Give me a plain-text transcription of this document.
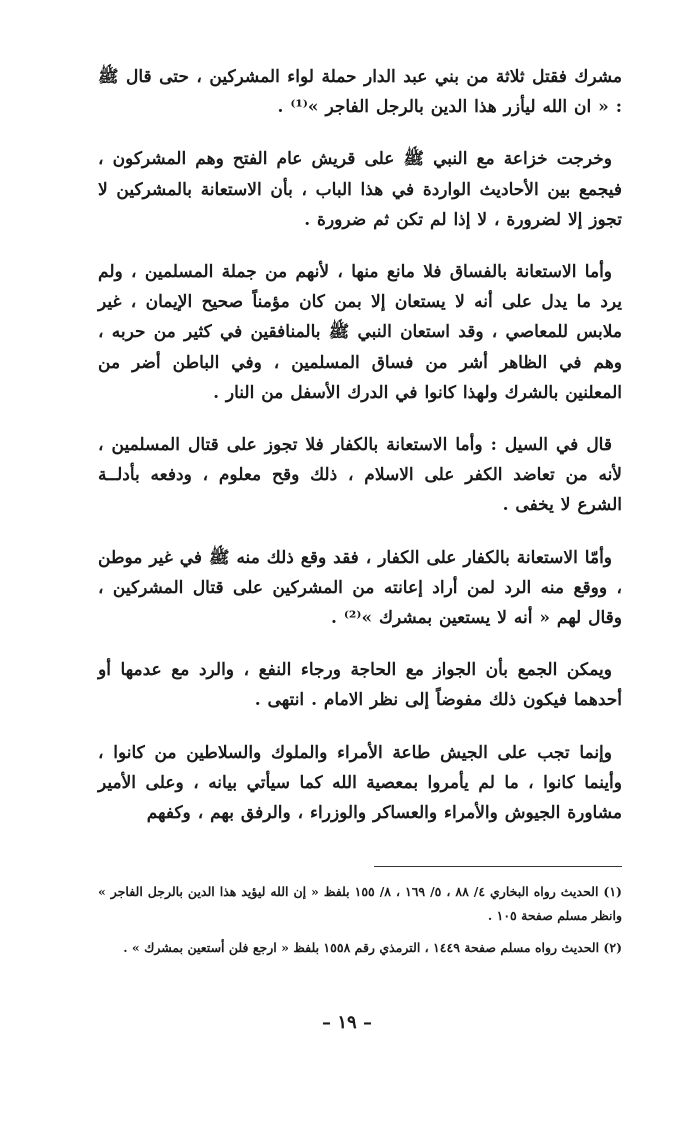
مشرك فقتل ثلاثة من بني عبد الدار حملة لواء المشركين ، حتى قال ﷺ : « ان الله ليأزر هذا الدين بالرجل الفاجر »⁽¹⁾ .

وخرجت خزاعة مع النبي ﷺ على قريش عام الفتح وهم المشركون ، فيجمع بين الأحاديث الواردة في هذا الباب ، بأن الاستعانة بالمشركين لا تجوز إلا لضرورة ، لا إذا لم تكن ثم ضرورة .

وأما الاستعانة بالفساق فلا مانع منها ، لأنهم من جملة المسلمين ، ولم يرد ما يدل على أنه لا يستعان إلا بمن كان مؤمناً صحيح الإيمان ، غير ملابس للمعاصي ، وقد استعان النبي ﷺ بالمنافقين في كثير من حربه ، وهم في الظاهر أشر من فساق المسلمين ، وفي الباطن أضر من المعلنين بالشرك ولهذا كانوا في الدرك الأسفل من النار .

قال في السيل : وأما الاستعانة بالكفار فلا تجوز على قتال المسلمين ، لأنه من تعاضد الكفر على الاسلام ، ذلك وقح معلوم ، ودفعه بأدلــة الشرع لا يخفى .

وأمّا الاستعانة بالكفار على الكفار ، فقد وقع ذلك منه ﷺ في غير موطن ، ووقع منه الرد لمن أراد إعانته من المشركين على قتال المشركين ، وقال لهم « أنه لا يستعين بمشرك »⁽²⁾ .

ويمكن الجمع بأن الجواز مع الحاجة ورجاء النفع ، والرد مع عدمها أو أحدهما فيكون ذلك مفوضاً إلى نظر الامام . انتهى .

وإنما تجب على الجيش طاعة الأمراء والملوك والسلاطين من كانوا ، وأينما كانوا ، ما لم يأمروا بمعصية الله كما سيأتي بيانه ، وعلى الأمير مشاورة الجيوش والأمراء والعساكر والوزراء ، والرفق بهم ، وكفهم

(١) الحديث رواه البخاري ٤/ ٨٨ ، ٥/ ١٦٩ ، ٨/ ١٥٥ بلفظ « إن الله ليؤيد هذا الدين بالرجل الفاجر » وانظر مسلم صفحة ١٠٥ .

(٢) الحديث رواه مسلم صفحة ١٤٤٩ ، الترمذي رقم ١٥٥٨ بلفظ « ارجع فلن أستعين بمشرك » .

– ١٩ –
